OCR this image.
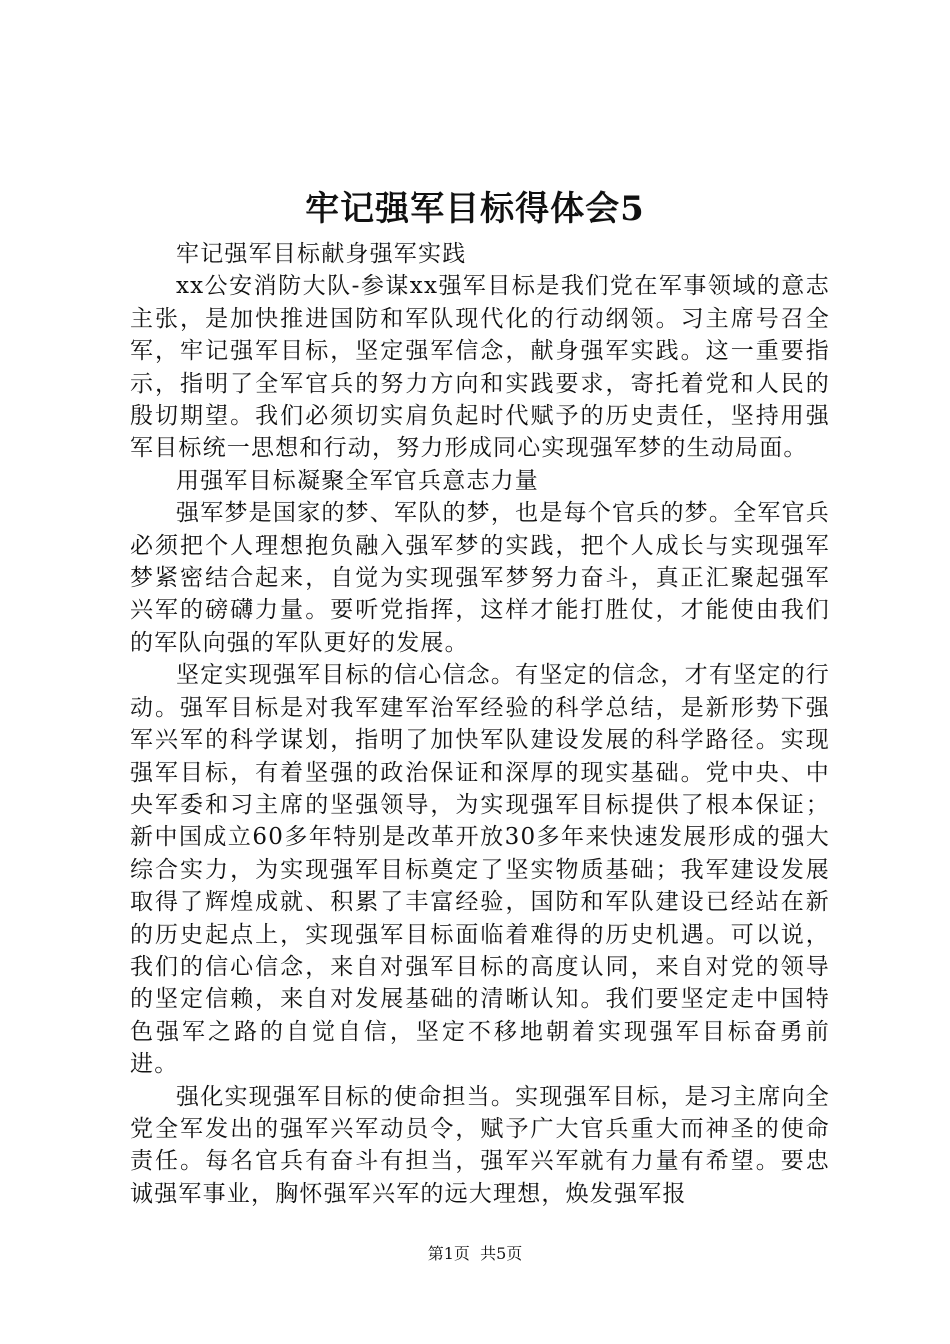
牢记强军目标得体会5

牢记强军目标献身强军实践

xx公安消防大队-参谋xx强军目标是我们党在军事领域的意志主张，是加快推进国防和军队现代化的行动纲领。习主席号召全军，牢记强军目标，坚定强军信念，献身强军实践。这一重要指示，指明了全军官兵的努力方向和实践要求，寄托着党和人民的殷切期望。我们必须切实肩负起时代赋予的历史责任，坚持用强军目标统一思想和行动，努力形成同心实现强军梦的生动局面。

用强军目标凝聚全军官兵意志力量

强军梦是国家的梦、军队的梦，也是每个官兵的梦。全军官兵必须把个人理想抱负融入强军梦的实践，把个人成长与实现强军梦紧密结合起来，自觉为实现强军梦努力奋斗，真正汇聚起强军兴军的磅礴力量。要听党指挥，这样才能打胜仗，才能使由我们的军队向强的军队更好的发展。

坚定实现强军目标的信心信念。有坚定的信念，才有坚定的行动。强军目标是对我军建军治军经验的科学总结，是新形势下强军兴军的科学谋划，指明了加快军队建设发展的科学路径。实现强军目标，有着坚强的政治保证和深厚的现实基础。党中央、中央军委和习主席的坚强领导，为实现强军目标提供了根本保证；新中国成立60多年特别是改革开放30多年来快速发展形成的强大综合实力，为实现强军目标奠定了坚实物质基础；我军建设发展取得了辉煌成就、积累了丰富经验，国防和军队建设已经站在新的历史起点上，实现强军目标面临着难得的历史机遇。可以说，我们的信心信念，来自对强军目标的高度认同，来自对党的领导的坚定信赖，来自对发展基础的清晰认知。我们要坚定走中国特色强军之路的自觉自信，坚定不移地朝着实现强军目标奋勇前进。

强化实现强军目标的使命担当。实现强军目标，是习主席向全党全军发出的强军兴军动员令，赋予广大官兵重大而神圣的使命责任。每名官兵有奋斗有担当，强军兴军就有力量有希望。要忠诚强军事业，胸怀强军兴军的远大理想，焕发强军报

第1页 共5页
